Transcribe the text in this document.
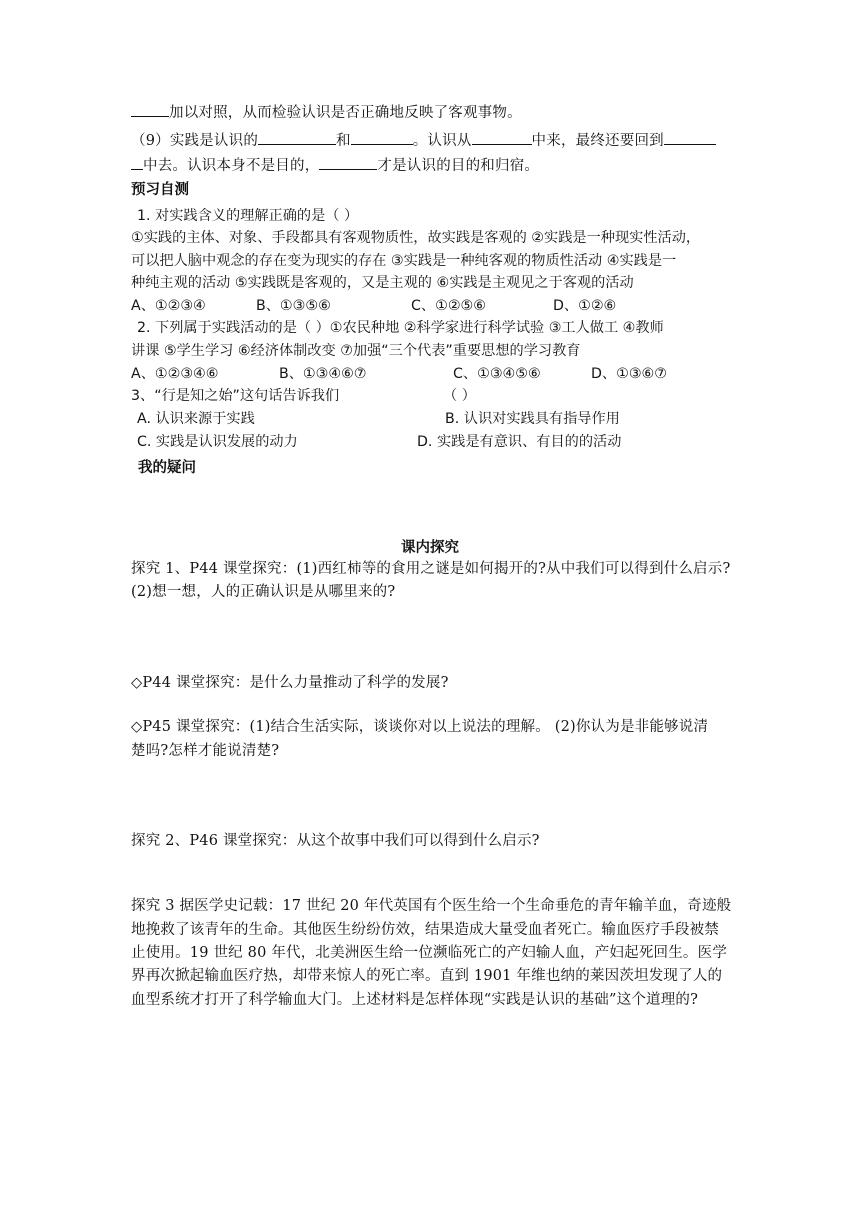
加以对照，从而检验认识是否正确地反映了客观事物。
（9）实践是认识的	和	。认识从	中来，最终还要回到
中去。认识本身不是目的，	才是认识的目的和归宿。
预习自测
1. 对实践含义的理解正确的是（ ）
①实践的主体、对象、手段都具有客观物质性，故实践是客观的 ②实践是一种现实性活动，
可以把人脑中观念的存在变为现实的存在 ③实践是一种纯客观的物质性活动 ④实践是一
种纯主观的活动 ⑤实践既是客观的，又是主观的 ⑥实践是主观见之于客观的活动
A、①②③④	B、①③⑤⑥	C、①②⑤⑥	D、①②⑥
2. 下列属于实践活动的是（ ）①农民种地 ②科学家进行科学试验 ③工人做工 ④教师
讲课 ⑤学生学习 ⑥经济体制改变 ⑦加强“三个代表”重要思想的学习教育
A、①②③④⑥	B、①③④⑥⑦	C、①③④⑤⑥	D、①③⑥⑦
3、“行是知之始”这句话告诉我们	（ ）
A. 认识来源于实践	B. 认识对实践具有指导作用
C. 实践是认识发展的动力	D. 实践是有意识、有目的的活动
我的疑问
课内探究
探究 1、P44 课堂探究：(1)西红柿等的食用之谜是如何揭开的?从中我们可以得到什么启示?
(2)想一想，人的正确认识是从哪里来的?
◇P44 课堂探究：是什么力量推动了科学的发展?
◇P45 课堂探究：(1)结合生活实际，谈谈你对以上说法的理解。 (2)你认为是非能够说清
楚吗?怎样才能说清楚?
探究 2、P46 课堂探究：从这个故事中我们可以得到什么启示?
探究 3 据医学史记载：17 世纪 20 年代英国有个医生给一个生命垂危的青年输羊血，奇迹般
地挽救了该青年的生命。其他医生纷纷仿效，结果造成大量受血者死亡。输血医疗手段被禁
止使用。19 世纪 80 年代，北美洲医生给一位濒临死亡的产妇输人血，产妇起死回生。医学
界再次掀起输血医疗热，却带来惊人的死亡率。直到 1901 年维也纳的莱因茨坦发现了人的
血型系统才打开了科学输血大门。上述材料是怎样体现“实践是认识的基础”这个道理的?
